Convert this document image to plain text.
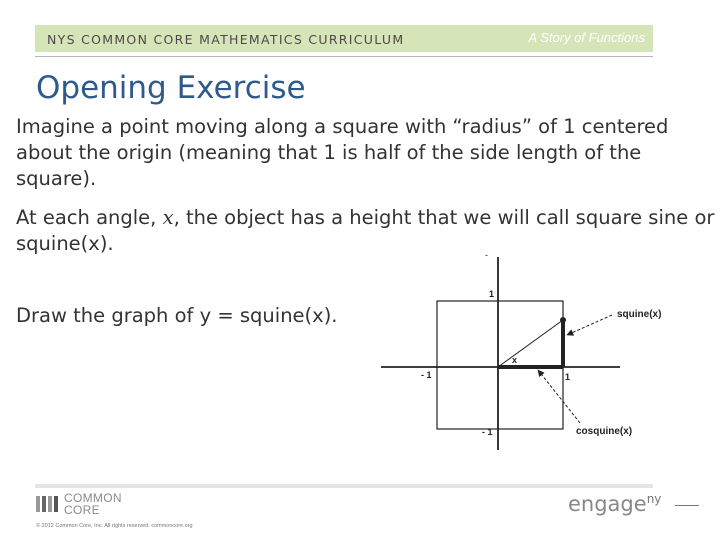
NYS COMMON CORE MATHEMATICS CURRICULUM	A Story of Functions
Opening Exercise
Imagine a point moving along a square with “radius” of 1 centered about the origin (meaning that 1 is half of the side length of the square).
At each angle, x, the object has a height that we will call square sine or squine(x).
Draw the graph of y = squine(x).
1
- 1	1
- 1
x
squine(x)
cosquine(x)
-
COMMON
CORE
© 2012 Common Core, Inc. All rights reserved. commoncore.org
engage$^{ny}$
